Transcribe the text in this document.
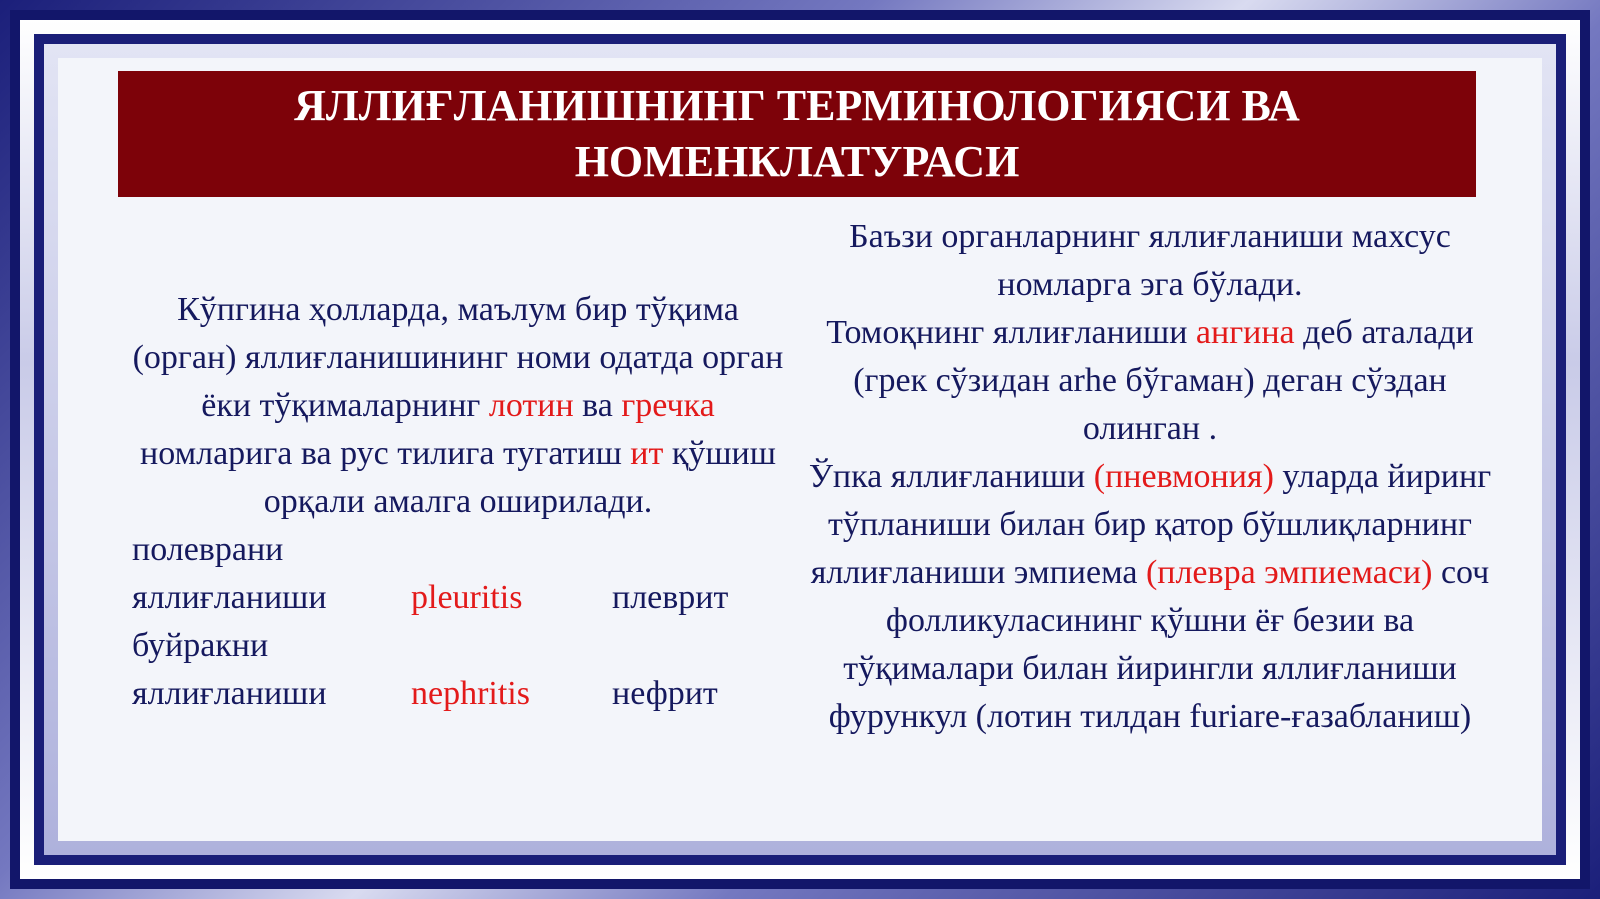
ЯЛЛИҒЛАНИШНИНГ ТЕРМИНОЛОГИЯСИ ВА НОМЕНКЛАТУРАСИ

Кўпгина ҳолларда, маълум бир тўқима (орган) яллиғланишининг номи одатда орган ёки тўқималарнинг лотин ва гречка номларига ва рус тилига тугатиш ит қўшиш орқали амалга оширилади.

полеврани
яллиғланиши pleuritis	плеврит
буйракни
яллиғланиши nephritis нефрит

Баъзи органларнинг яллиғланиши махсус номларга эга бўлади.

Томоқнинг яллиғланиши ангина деб аталади (грек сўзидан arhe бўгаман) деган сўздан олинган .

Ўпка яллиғланиши (пневмония) уларда йиринг тўпланиши билан бир қатор бўшлиқларнинг яллиғланиши эмпиема (плевра эмпиемаси) соч фолликуласининг қўшни ёғ безии ва тўқималари билан йирингли яллиғланиши фурункул (лотин тилдан furiare-ғазабланиш)
